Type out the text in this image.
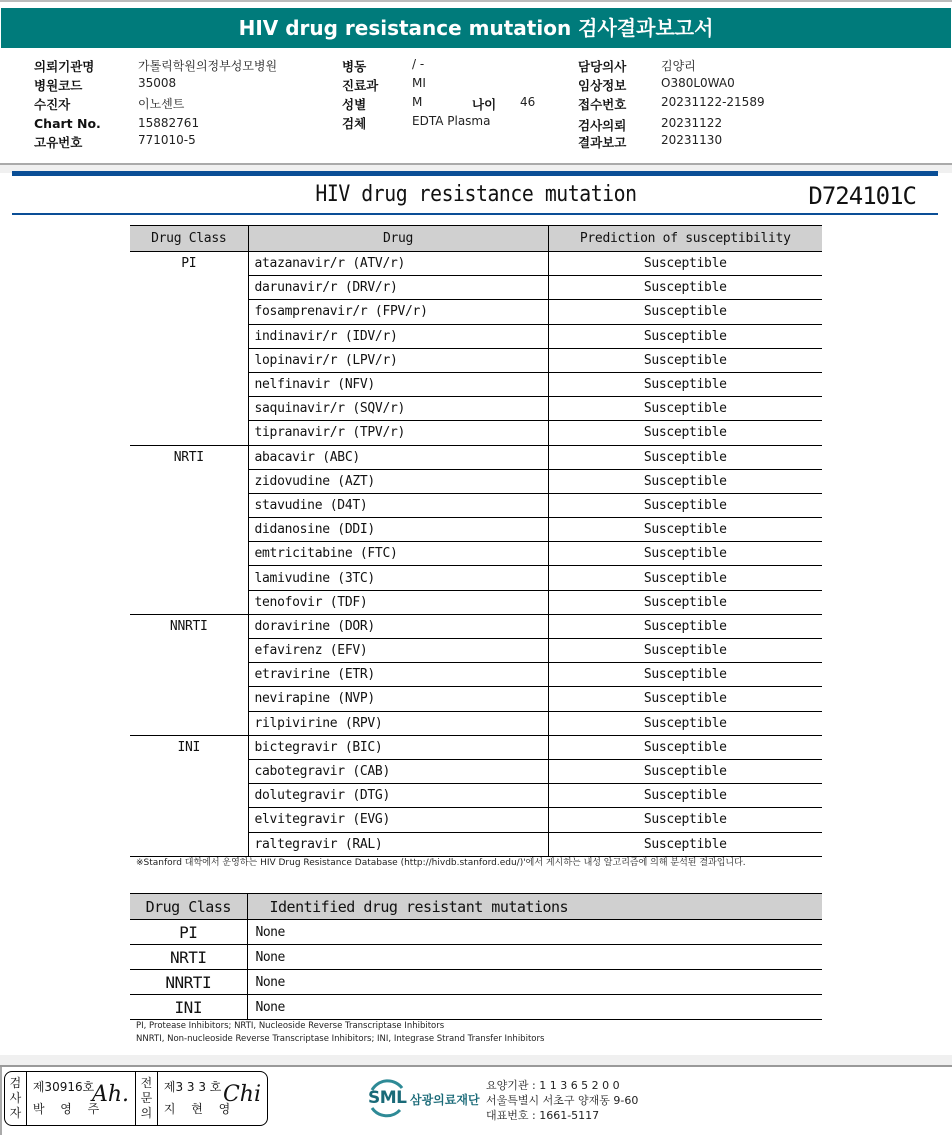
HIV drug resistance mutation 검사결과보고서
의뢰기관명	가톨릭학원의정부성모병원
병원코드	35008
수진자	이노센트
Chart No.	15882761
고유번호	771010-5
병동	/ -
진료과	MI
성별	M	나이 46
검체	EDTA Plasma
담당의사	김양리
임상정보	O380L0WA0
접수번호	20231122-21589
검사의뢰	20231122
결과보고	20231130
HIV drug resistance mutation	D724101C
Drug Class	Drug	Prediction of susceptibility
PI	atazanavir/r (ATV/r)	Susceptible
	darunavir/r (DRV/r)	Susceptible
	fosamprenavir/r (FPV/r)	Susceptible
	indinavir/r (IDV/r)	Susceptible
	lopinavir/r (LPV/r)	Susceptible
	nelfinavir (NFV)	Susceptible
	saquinavir/r (SQV/r)	Susceptible
	tipranavir/r (TPV/r)	Susceptible
NRTI	abacavir (ABC)	Susceptible
	zidovudine (AZT)	Susceptible
	stavudine (D4T)	Susceptible
	didanosine (DDI)	Susceptible
	emtricitabine (FTC)	Susceptible
	lamivudine (3TC)	Susceptible
	tenofovir (TDF)	Susceptible
NNRTI	doravirine (DOR)	Susceptible
	efavirenz (EFV)	Susceptible
	etravirine (ETR)	Susceptible
	nevirapine (NVP)	Susceptible
	rilpivirine (RPV)	Susceptible
INI	bictegravir (BIC)	Susceptible
	cabotegravir (CAB)	Susceptible
	dolutegravir (DTG)	Susceptible
	elvitegravir (EVG)	Susceptible
	raltegravir (RAL)	Susceptible
※Stanford 대학에서 운영하는 HIV Drug Resistance Database (http://hivdb.stanford.edu/)'에서 게시하는 내성 알고리즘에 의해 분석된 결과입니다.
Drug Class	Identified drug resistant mutations
PI	None
NRTI	None
NNRTI	None
INI	None
PI, Protease Inhibitors; NRTI, Nucleoside Reverse Transcriptase Inhibitors
NNRTI, Non-nucleoside Reverse Transcriptase Inhibitors; INI, Integrase Strand Transfer Inhibitors
검
사
자
제30916호
박 영 주
Ah. 전
문
의
제3 3 3 호
지 현 영
Chi	SML 삼광의료재단
요양기관 : 1 1 3 6 5 2 0 0
서울특별시 서초구 양재동 9-60
대표번호 : 1661-5117
